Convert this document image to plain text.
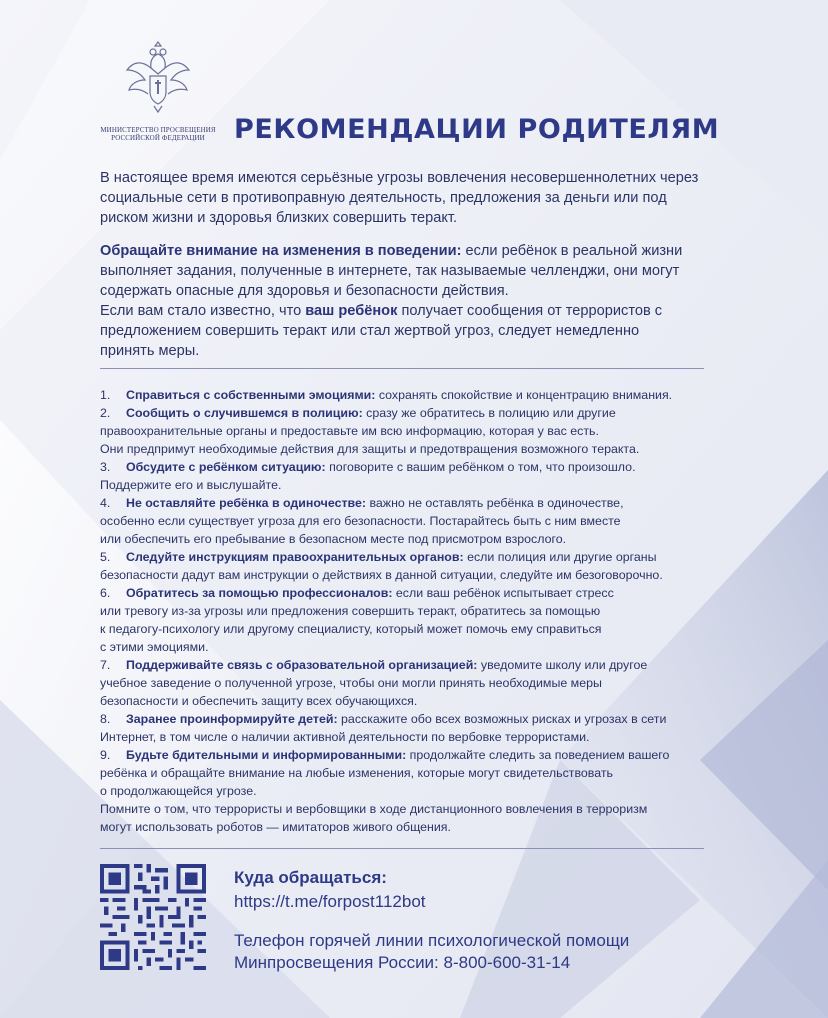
МИНИСТЕРСТВО ПРОСВЕЩЕНИЯ
РОССИЙСКОЙ ФЕДЕРАЦИИ	РЕКОМЕНДАЦИИ РОДИТЕЛЯМ

В настоящее время имеются серьёзные угрозы вовлечения несовершеннолетних через

социальные сети в противоправную деятельность, предложения за деньги или под

риском жизни и здоровья близких совершить теракт.

Обращайте внимание на изменения в поведении: если ребёнок в реальной жизни

выполняет задания, полученные в интернете, так называемые челленджи, они могут

содержать опасные для здоровья и безопасности действия.

Если вам стало известно, что ваш ребёнок получает сообщения от террористов с

предложением совершить теракт или стал жертвой угроз, следует немедленно

принять меры.

1. Справиться с собственными эмоциями: сохранять спокойствие и концентрацию внимания.
2. Сообщить о случившемся в полицию: сразу же обратитесь в полицию или другие
правоохранительные органы и предоставьте им всю информацию, которая у вас есть.
Они предпримут необходимые действия для защиты и предотвращения возможного теракта.
3. Обсудите с ребёнком ситуацию: поговорите с вашим ребёнком о том, что произошло.
Поддержите его и выслушайте.
4. Не оставляйте ребёнка в одиночестве: важно не оставлять ребёнка в одиночестве,
особенно если существует угроза для его безопасности. Постарайтесь быть с ним вместе
или обеспечить его пребывание в безопасном месте под присмотром взрослого.
5. Следуйте инструкциям правоохранительных органов: если полиция или другие органы
безопасности дадут вам инструкции о действиях в данной ситуации, следуйте им безоговорочно.
6. Обратитесь за помощью профессионалов: если ваш ребёнок испытывает стресс
или тревогу из-за угрозы или предложения совершить теракт, обратитесь за помощью
к педагогу-психологу или другому специалисту, который может помочь ему справиться
с этими эмоциями.
7. Поддерживайте связь с образовательной организацией: уведомите школу или другое
учебное заведение о полученной угрозе, чтобы они могли принять необходимые меры
безопасности и обеспечить защиту всех обучающихся.
8. Заранее проинформируйте детей: расскажите обо всех возможных рисках и угрозах в сети
Интернет, в том числе о наличии активной деятельности по вербовке террористами.
9. Будьте бдительными и информированными: продолжайте следить за поведением вашего
ребёнка и обращайте внимание на любые изменения, которые могут свидетельствовать
о продолжающейся угрозе.
Помните о том, что террористы и вербовщики в ходе дистанционного вовлечения в терроризм
могут использовать роботов — имитаторов живого общения.
Куда обращаться:
https://t.me/forpost112bot
Телефон горячей линии психологической помощи
Минпросвещения России: 8-800-600-31-14
